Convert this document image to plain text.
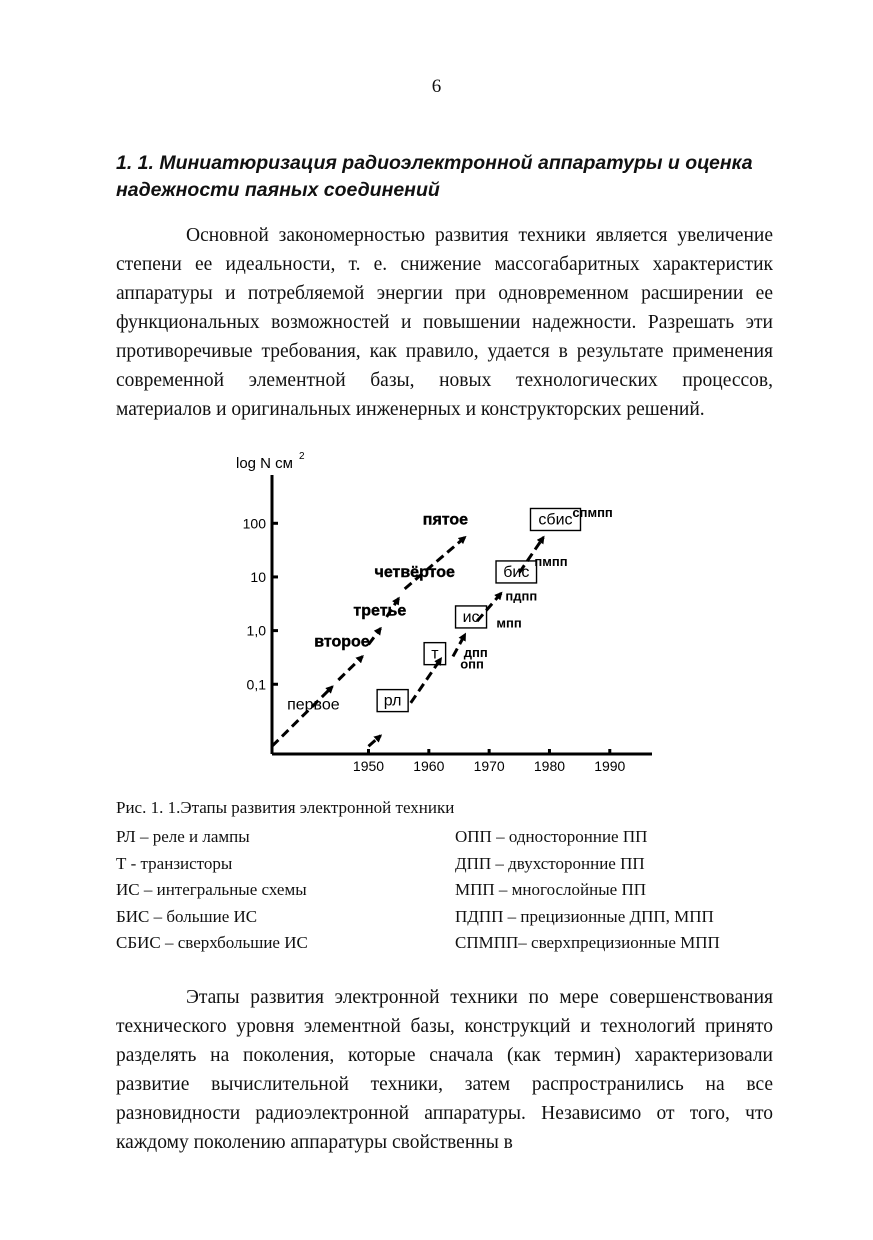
6
1. 1. Миниатюризация радиоэлектронной аппаратуры и оценка надежности паяных соединений
Основной закономерностью развития техники является увеличение степени ее идеальности, т. е. снижение массогабаритных характеристик аппаратуры и потребляемой энергии при одновременном расширении ее функциональных возможностей и повышении надежности. Разрешать эти противоречивые требования, как правило, удается в результате применения современной элементной базы, новых технологических процессов, материалов и оригинальных инженерных и конструкторских решений.
log N см 2
0,1
1,0
10
100
1950 1960 1970 1980 1990
первое
второе
третье
четвёртое
пятое
рл
т
ис
бис
сбис спмпп
пмпп
пдпп
мпп
дпп
опп
Рис. 1. 1.Этапы развития электронной техники
РЛ – реле и лампы
Т - транзисторы
ИС – интегральные схемы
БИС – большие ИС
СБИС – сверхбольшие ИС
ОПП – односторонние ПП
ДПП – двухсторонние ПП
МПП – многослойные ПП
ПДПП – прецизионные ДПП, МПП
СПМПП– сверхпрецизионные МПП
Этапы развития электронной техники по мере совершенствования технического уровня элементной базы, конструкций и технологий принято разделять на поколения, которые сначала (как термин) характеризовали развитие вычислительной техники, затем распространились на все разновидности радиоэлектронной аппаратуры. Независимо от того, что каждому поколению аппаратуры свойственны в
